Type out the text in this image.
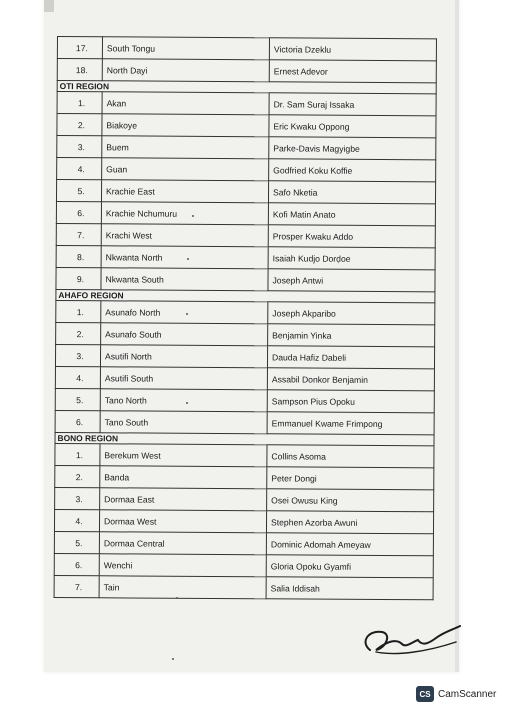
17.	South Tongu	Victoria Dzeklu
18.	North Dayi	Ernest Adevor
OTI REGION		
1.	Akan	Dr. Sam Suraj Issaka
2.	Biakoye	Eric Kwaku Oppong
3.	Buem	Parke-Davis Magyigbe
4.	Guan	Godfried Koku Koffie
5.	Krachie East	Safo Nketia
6.	Krachie Nchumuru	Kofi Matin Anato
7.	Krachi West	Prosper Kwaku Addo
8.	Nkwanta North	Isaiah Kudjo Dorḍoe
9.	Nkwanta South	Joseph Antwi
AHAFO REGION		
1.	Asunafo North	Joseph Akparibo
2.	Asunafo South	Benjamin Yinka
3.	Asutifi North	Dauda Hafiz Dabeli
4.	Asutifi South	Assabil Donkor Benjamin
5.	Tano North	Sampson Pius Opoku
6.	Tano South	Emmanuel Kwame Frimpong
BONO REGION		
1.	Berekum West	Collins Asoma
2.	Banda	Peter Dongi
3.	Dormaa East	Osei Owusu King
4.	Dormaa West	Stephen Azorba Awuni
5.	Dormaa Central	Dominic Adomah Ameyaw
6.	Wenchi	Gloria Opoku Gyamfi
7.	Tain	Salia Iddisah
CS CamScanner
